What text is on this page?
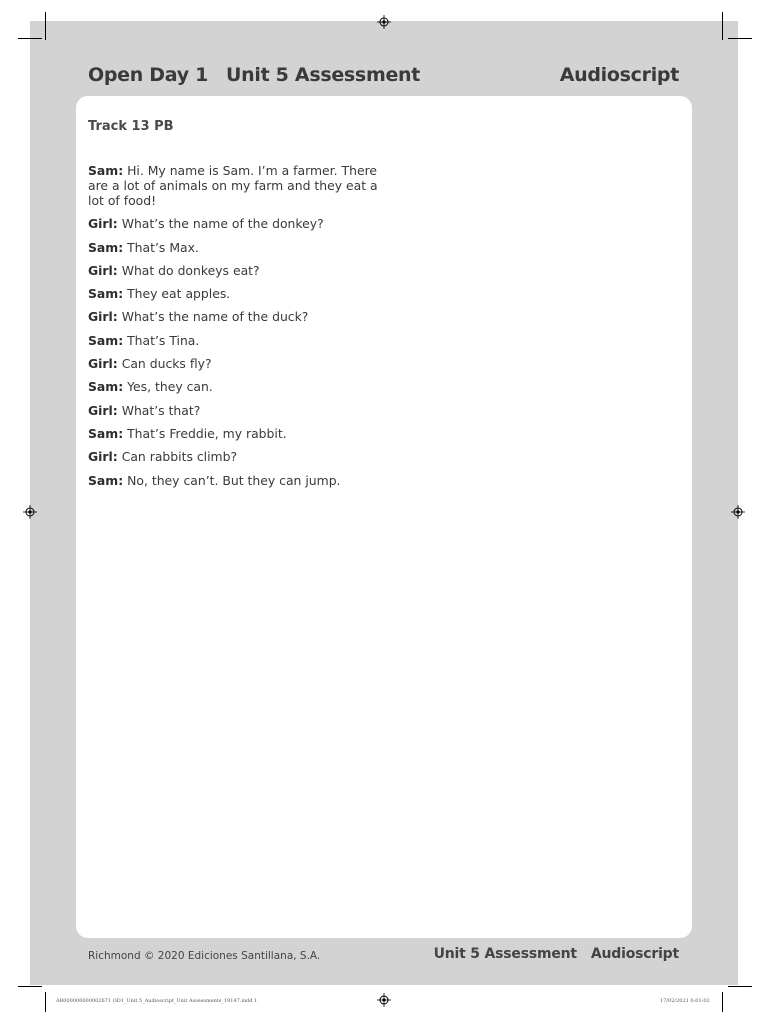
Open Day 1 Unit 5 Assessment	Audioscript
Track 13 PB

Sam: Hi. My name is Sam. I’m a farmer. There are a lot of animals on my farm and they eat a lot of food!

Girl: What’s the name of the donkey?

Sam: That’s Max.

Girl: What do donkeys eat?

Sam: They eat apples.

Girl: What’s the name of the duck?

Sam: That’s Tina.

Girl: Can ducks fly?

Sam: Yes, they can.

Girl: What’s that?

Sam: That’s Freddie, my rabbit.

Girl: Can rabbits climb?

Sam: No, they can’t. But they can jump.

Richmond © 2020 Ediciones Santillana, S.A.	Unit 5 Assessment Audioscript
AB000000000002671 OD1_Unit 5_Audioscript_Unit Assessments_19147.indd 1	17/02/2021 0:01:02
